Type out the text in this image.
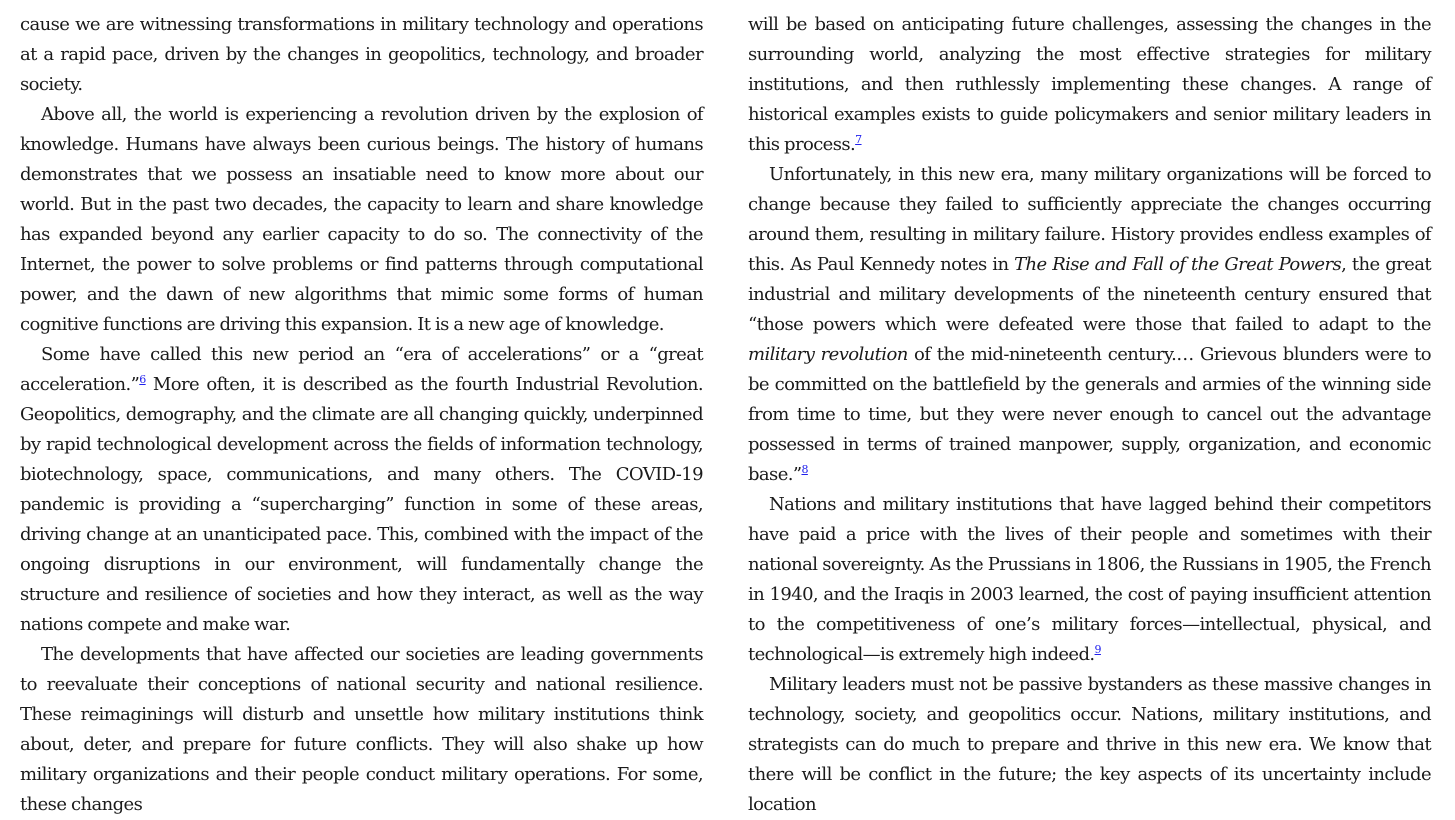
cause we are witnessing transformations in military technology and operations at a rapid pace, driven by the changes in geopolitics, technology, and broader society.

Above all, the world is experiencing a revolution driven by the explosion of knowledge. Humans have always been curious beings. The history of humans demonstrates that we possess an insatiable need to know more about our world. But in the past two decades, the capacity to learn and share knowledge has expanded beyond any earlier capacity to do so. The connectivity of the Internet, the power to solve problems or find patterns through computational power, and the dawn of new algorithms that mimic some forms of human cognitive functions are driving this expansion. It is a new age of knowledge.

Some have called this new period an “era of accelerations” or a “great acceleration.”$^6$ More often, it is described as the fourth Industrial Revolution. Geopolitics, demography, and the climate are all changing quickly, underpinned by rapid technological development across the fields of information technology, biotechnology, space, communications, and many others. The COVID-19 pandemic is providing a “supercharging” function in some of these areas, driving change at an unanticipated pace. This, combined with the impact of the ongoing disruptions in our environment, will fundamentally change the structure and resilience of societies and how they interact, as well as the way nations compete and make war.

The developments that have affected our societies are leading governments to reevaluate their conceptions of national security and national resilience. These reimaginings will disturb and unsettle how military institutions think about, deter, and prepare for future conflicts. They will also shake up how military organizations and their people conduct military operations. For some, these changes

will be based on anticipating future challenges, assessing the changes in the surrounding world, analyzing the most effective strategies for military institutions, and then ruthlessly implementing these changes. A range of historical examples exists to guide policymakers and senior military leaders in this process.$^7$

Unfortunately, in this new era, many military organizations will be forced to change because they failed to sufficiently appreciate the changes occurring around them, resulting in military failure. History provides endless examples of this. As Paul Kennedy notes in The Rise and Fall of the Great Powers, the great industrial and military developments of the nineteenth century ensured that “those powers which were defeated were those that failed to adapt to the military revolution of the mid-nineteenth century.… Grievous blunders were to be committed on the battlefield by the generals and armies of the winning side from time to time, but they were never enough to cancel out the advantage possessed in terms of trained manpower, supply, organization, and economic base.”$^8$

Nations and military institutions that have lagged behind their competitors have paid a price with the lives of their people and sometimes with their national sovereignty. As the Prussians in 1806, the Russians in 1905, the French in 1940, and the Iraqis in 2003 learned, the cost of paying insufficient attention to the competitiveness of one’s military forces—intellectual, physical, and technological—is extremely high indeed.$^9$

Military leaders must not be passive bystanders as these massive changes in technology, society, and geopolitics occur. Nations, military institutions, and strategists can do much to prepare and thrive in this new era. We know that there will be conflict in the future; the key aspects of its uncertainty include location
